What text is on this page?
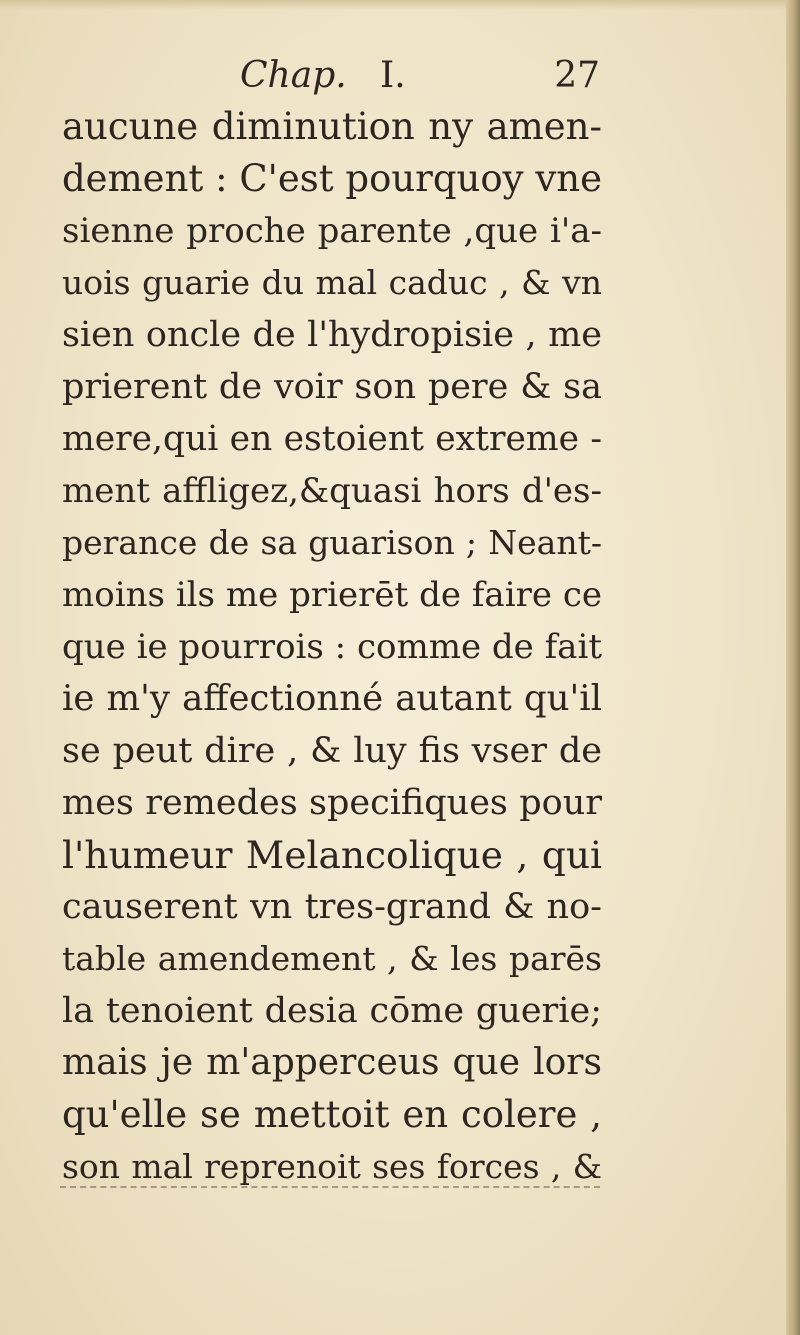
Chap. I.	27
aucune diminution ny amen-
dement : C'est pourquoy vne
sienne proche parente ,que i'a-
uois guarie du mal caduc , & vn
sien oncle de l'hydropisie , me
prierent de voir son pere & sa
mere,qui en estoient extreme -
ment affligez,&quasi hors d'es-
perance de sa guarison ; Neant-
moins ils me prierēt de faire ce
que ie pourrois : comme de fait
ie m'y affectionné autant qu'il
se peut dire , & luy fis vser de
mes remedes specifiques pour
l'humeur Melancolique , qui
causerent vn tres-grand & no-
table amendement , & les parēs
la tenoient desia cōme guerie;
mais je m'apperceus que lors
qu'elle se mettoit en colere ,
son mal reprenoit ses forces , &
